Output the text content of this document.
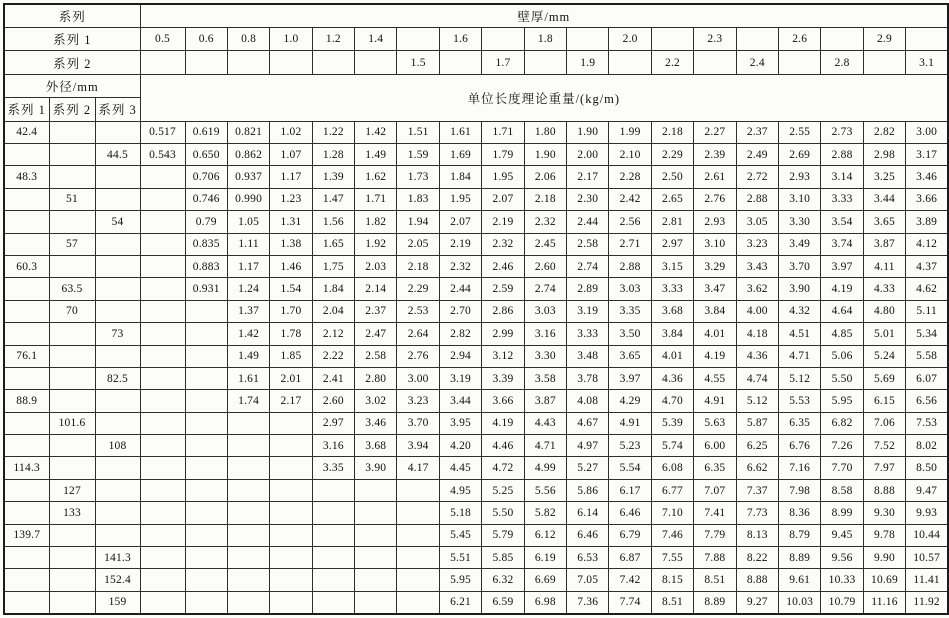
系列			壁厚/mm																		
系列 1			0.5	0.6	0.8	1.0	1.2	1.4		1.6		1.8		2.0		2.3		2.6		2.9	
系列 2									1.5		1.7		1.9		2.2		2.4		2.8		3.1
外径/mm			单位长度理论重量/(kg/m)																		
系列 1	系列 2	系列 3																			
42.4			0.517	0.619	0.821	1.02	1.22	1.42	1.51	1.61	1.71	1.80	1.90	1.99	2.18	2.27	2.37	2.55	2.73	2.82	3.00
		44.5	0.543	0.650	0.862	1.07	1.28	1.49	1.59	1.69	1.79	1.90	2.00	2.10	2.29	2.39	2.49	2.69	2.88	2.98	3.17
48.3				0.706	0.937	1.17	1.39	1.62	1.73	1.84	1.95	2.06	2.17	2.28	2.50	2.61	2.72	2.93	3.14	3.25	3.46
	51			0.746	0.990	1.23	1.47	1.71	1.83	1.95	2.07	2.18	2.30	2.42	2.65	2.76	2.88	3.10	3.33	3.44	3.66
		54		0.79	1.05	1.31	1.56	1.82	1.94	2.07	2.19	2.32	2.44	2.56	2.81	2.93	3.05	3.30	3.54	3.65	3.89
	57			0.835	1.11	1.38	1.65	1.92	2.05	2.19	2.32	2.45	2.58	2.71	2.97	3.10	3.23	3.49	3.74	3.87	4.12
60.3				0.883	1.17	1.46	1.75	2.03	2.18	2.32	2.46	2.60	2.74	2.88	3.15	3.29	3.43	3.70	3.97	4.11	4.37
	63.5			0.931	1.24	1.54	1.84	2.14	2.29	2.44	2.59	2.74	2.89	3.03	3.33	3.47	3.62	3.90	4.19	4.33	4.62
	70				1.37	1.70	2.04	2.37	2.53	2.70	2.86	3.03	3.19	3.35	3.68	3.84	4.00	4.32	4.64	4.80	5.11
		73			1.42	1.78	2.12	2.47	2.64	2.82	2.99	3.16	3.33	3.50	3.84	4.01	4.18	4.51	4.85	5.01	5.34
76.1					1.49	1.85	2.22	2.58	2.76	2.94	3.12	3.30	3.48	3.65	4.01	4.19	4.36	4.71	5.06	5.24	5.58
		82.5			1.61	2.01	2.41	2.80	3.00	3.19	3.39	3.58	3.78	3.97	4.36	4.55	4.74	5.12	5.50	5.69	6.07
88.9					1.74	2.17	2.60	3.02	3.23	3.44	3.66	3.87	4.08	4.29	4.70	4.91	5.12	5.53	5.95	6.15	6.56
	101.6						2.97	3.46	3.70	3.95	4.19	4.43	4.67	4.91	5.39	5.63	5.87	6.35	6.82	7.06	7.53
		108					3.16	3.68	3.94	4.20	4.46	4.71	4.97	5.23	5.74	6.00	6.25	6.76	7.26	7.52	8.02
114.3							3.35	3.90	4.17	4.45	4.72	4.99	5.27	5.54	6.08	6.35	6.62	7.16	7.70	7.97	8.50
	127									4.95	5.25	5.56	5.86	6.17	6.77	7.07	7.37	7.98	8.58	8.88	9.47
	133									5.18	5.50	5.82	6.14	6.46	7.10	7.41	7.73	8.36	8.99	9.30	9.93
139.7										5.45	5.79	6.12	6.46	6.79	7.46	7.79	8.13	8.79	9.45	9.78	10.44
		141.3								5.51	5.85	6.19	6.53	6.87	7.55	7.88	8.22	8.89	9.56	9.90	10.57
		152.4								5.95	6.32	6.69	7.05	7.42	8.15	8.51	8.88	9.61	10.33	10.69	11.41
		159								6.21	6.59	6.98	7.36	7.74	8.51	8.89	9.27	10.03	10.79	11.16	11.92
